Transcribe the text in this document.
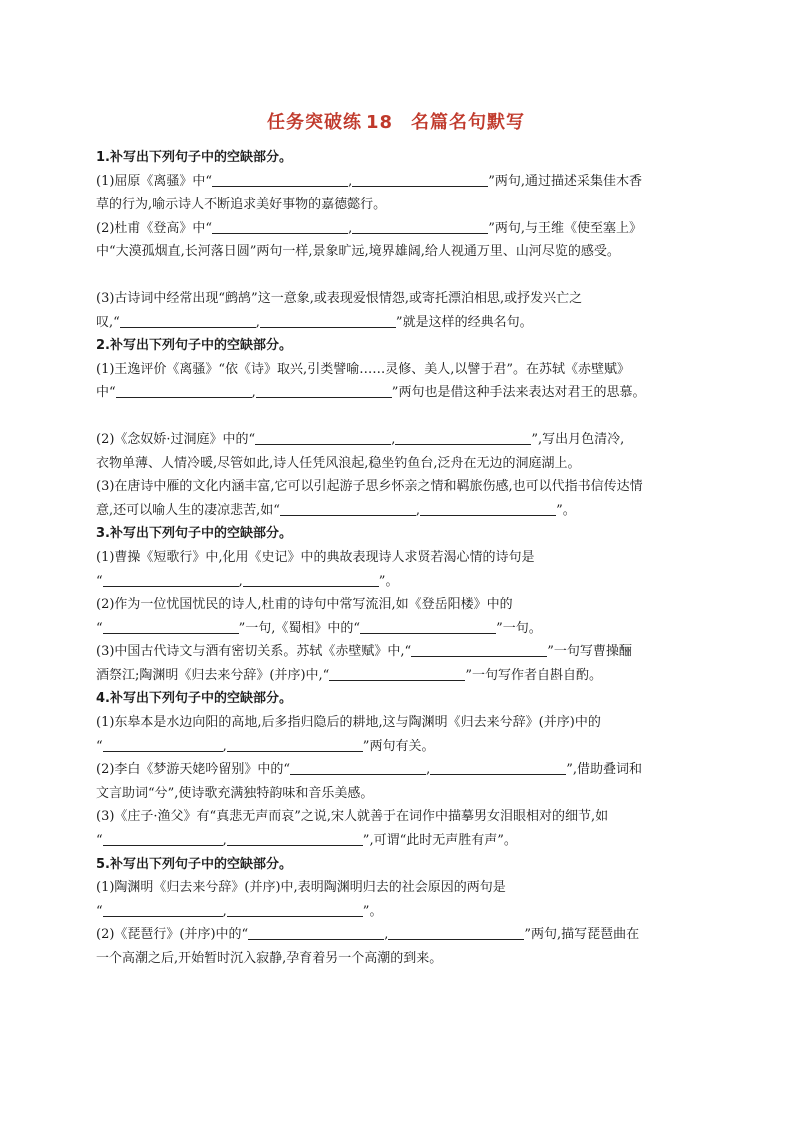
任务突破练 18 名篇名句默写

1.补写出下列句子中的空缺部分。

(1)屈原《离骚》中“	,	”两句,通过描述采集佳木香

草的行为,喻示诗人不断追求美好事物的嘉德懿行。

(2)杜甫《登高》中“	,	”两句,与王维《使至塞上》

中“大漠孤烟直,长河落日圆”两句一样,景象旷远,境界雄阔,给人视通万里、山河尽览的感受。

(3)古诗词中经常出现“鹧鸪”这一意象,或表现爱恨情怨,或寄托漂泊相思,或抒发兴亡之

叹,“	,	”就是这样的经典名句。

2.补写出下列句子中的空缺部分。

(1)王逸评价《离骚》“依《诗》取兴,引类譬喻……灵修、美人,以譬于君”。在苏轼《赤壁赋》

中“	,	”两句也是借这种手法来表达对君王的思慕。

(2)《念奴娇·过洞庭》中的“	,	”,写出月色清冷,

衣物单薄、人情冷暖,尽管如此,诗人任凭风浪起,稳坐钓鱼台,泛舟在无边的洞庭湖上。

(3)在唐诗中雁的文化内涵丰富,它可以引起游子思乡怀亲之情和羁旅伤感,也可以代指书信传达情

意,还可以喻人生的凄凉悲苦,如“	,	”。

3.补写出下列句子中的空缺部分。

(1)曹操《短歌行》中,化用《史记》中的典故表现诗人求贤若渴心情的诗句是

“	,	”。

(2)作为一位忧国忧民的诗人,杜甫的诗句中常写流泪,如《登岳阳楼》中的

“	”一句,《蜀相》中的“	”一句。

(3)中国古代诗文与酒有密切关系。苏轼《赤壁赋》中,“	”一句写曹操酾

酒祭江;陶渊明《归去来兮辞》(并序)中,“	”一句写作者自斟自酌。

4.补写出下列句子中的空缺部分。

(1)东皋本是水边向阳的高地,后多指归隐后的耕地,这与陶渊明《归去来兮辞》(并序)中的

“	,	”两句有关。

(2)李白《梦游天姥吟留别》中的“	,	”,借助叠词和

文言助词“兮”,使诗歌充满独特韵味和音乐美感。

(3)《庄子·渔父》有“真悲无声而哀”之说,宋人就善于在词作中描摹男女泪眼相对的细节,如

“	,	”,可谓“此时无声胜有声”。

5.补写出下列句子中的空缺部分。

(1)陶渊明《归去来兮辞》(并序)中,表明陶渊明归去的社会原因的两句是

“	,	”。

(2)《琵琶行》(并序)中的“	,	”两句,描写琵琶曲在

一个高潮之后,开始暂时沉入寂静,孕育着另一个高潮的到来。
